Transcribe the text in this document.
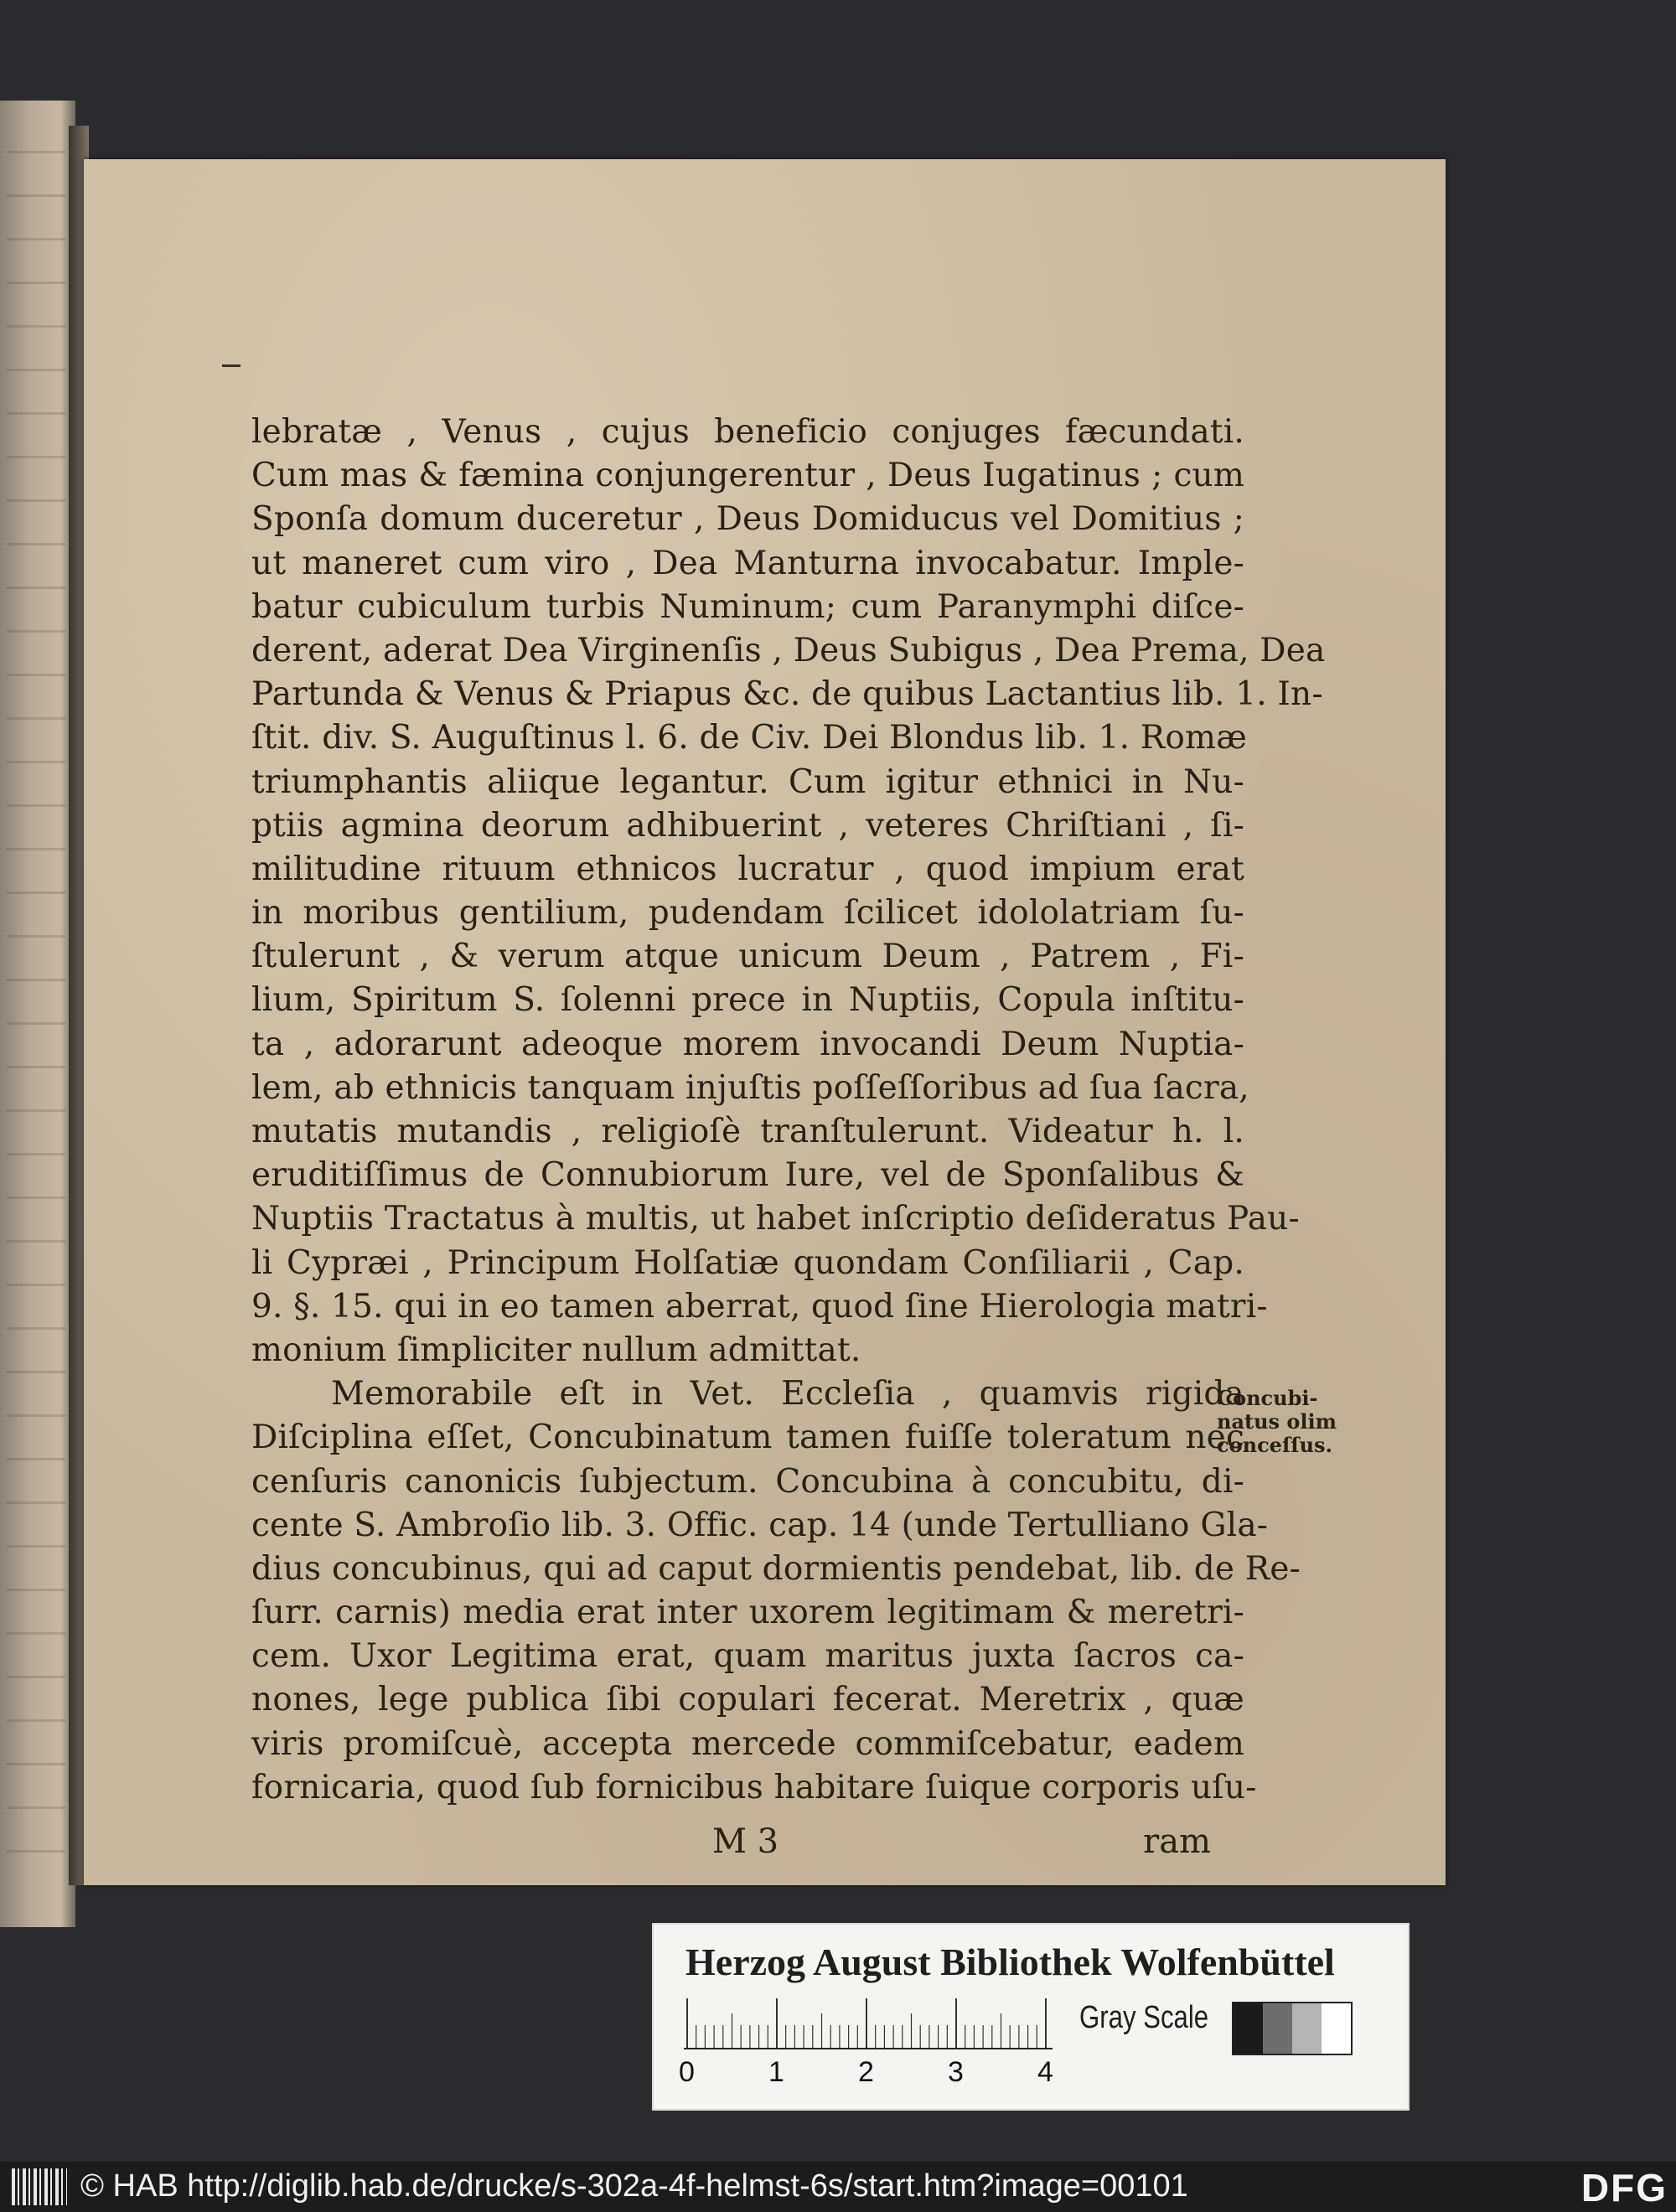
lebratæ , Venus , cujus beneficio conjuges fæcundati.
Cum mas & fæmina conjungerentur , Deus Iugatinus ; cum
Sponſa domum duceretur , Deus Domiducus vel Domitius ;
ut maneret cum viro , Dea Manturna invocabatur. Imple-
batur cubiculum turbis Numinum; cum Paranymphi diſce-
derent, aderat Dea Virginenſis , Deus Subigus , Dea Prema, Dea
Partunda & Venus & Priapus &c. de quibus Lactantius lib. 1. In-
ſtit. div. S. Auguſtinus l. 6. de Civ. Dei Blondus lib. 1. Romæ
triumphantis aliique legantur. Cum igitur ethnici in Nu-
ptiis agmina deorum adhibuerint , veteres Chriſtiani , ſi-
militudine rituum ethnicos lucratur , quod impium erat
in moribus gentilium, pudendam ſcilicet idololatriam ſu-
ſtulerunt , & verum atque unicum Deum , Patrem , Fi-
lium, Spiritum S. ſolenni prece in Nuptiis, Copula inſtitu-
ta , adorarunt adeoque morem invocandi Deum Nuptia-
lem, ab ethnicis tanquam injuſtis poſſeſſoribus ad ſua ſacra,
mutatis mutandis , religioſè tranſtulerunt. Videatur h. l.
eruditiſſimus de Connubiorum Iure, vel de Sponſalibus &
Nuptiis Tractatus à multis, ut habet inſcriptio deſideratus Pau-
li Cypræi , Principum Holſatiæ quondam Conſiliarii , Cap.
9. §. 15. qui in eo tamen aberrat, quod ſine Hierologia matri-
monium ſimpliciter nullum admittat.
Memorabile eſt in Vet. Eccleſia , quamvis rigida
Diſciplina eſſet, Concubinatum tamen fuiſſe toleratum nec
cenſuris canonicis ſubjectum. Concubina à concubitu, di-
cente S. Ambroſio lib. 3. Offic. cap. 14 (unde Tertulliano Gla-
dius concubinus, qui ad caput dormientis pendebat, lib. de Re-
ſurr. carnis) media erat inter uxorem legitimam & meretri-
cem. Uxor Legitima erat, quam maritus juxta ſacros ca-
nones, lege publica ſibi copulari fecerat. Meretrix , quæ
viris promiſcuè, accepta mercede commiſcebatur, eadem
fornicaria, quod ſub fornicibus habitare ſuique corporis uſu-
Concubi-
natus olim
conceſſus.
M 3	ram
Herzog August Bibliothek Wolfenbüttel
0	1	2	3	4
Gray Scale
© HAB http://diglib.hab.de/drucke/s-302a-4f-helmst-6s/start.htm?image=00101	DFG
